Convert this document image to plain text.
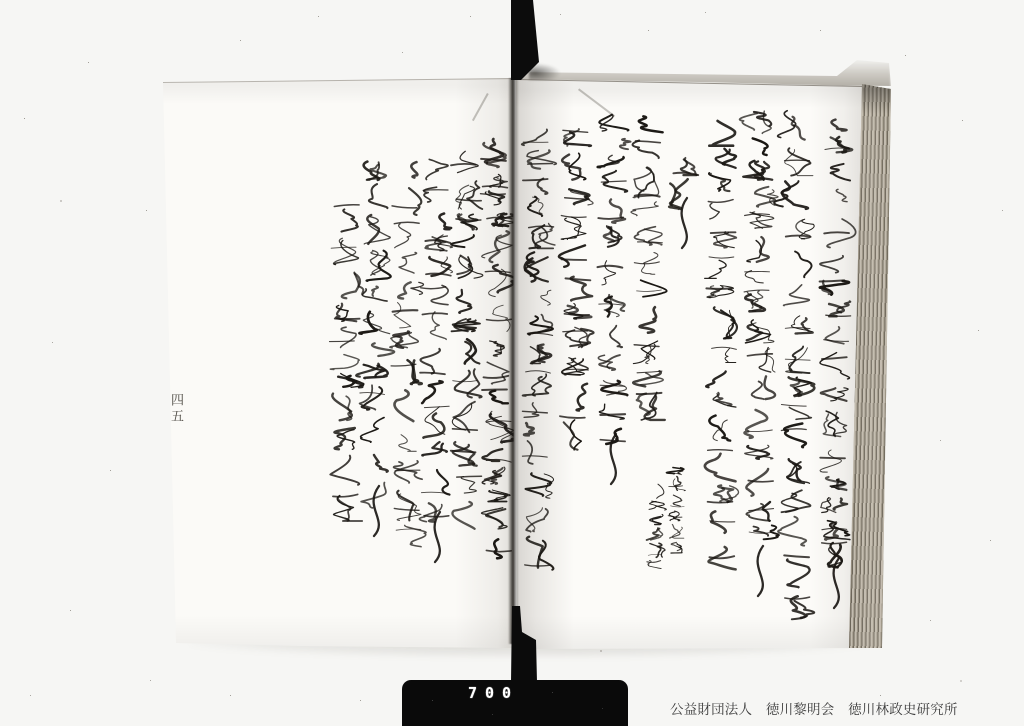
四五
700
公益財団法人　徳川黎明会　徳川林政史研究所
